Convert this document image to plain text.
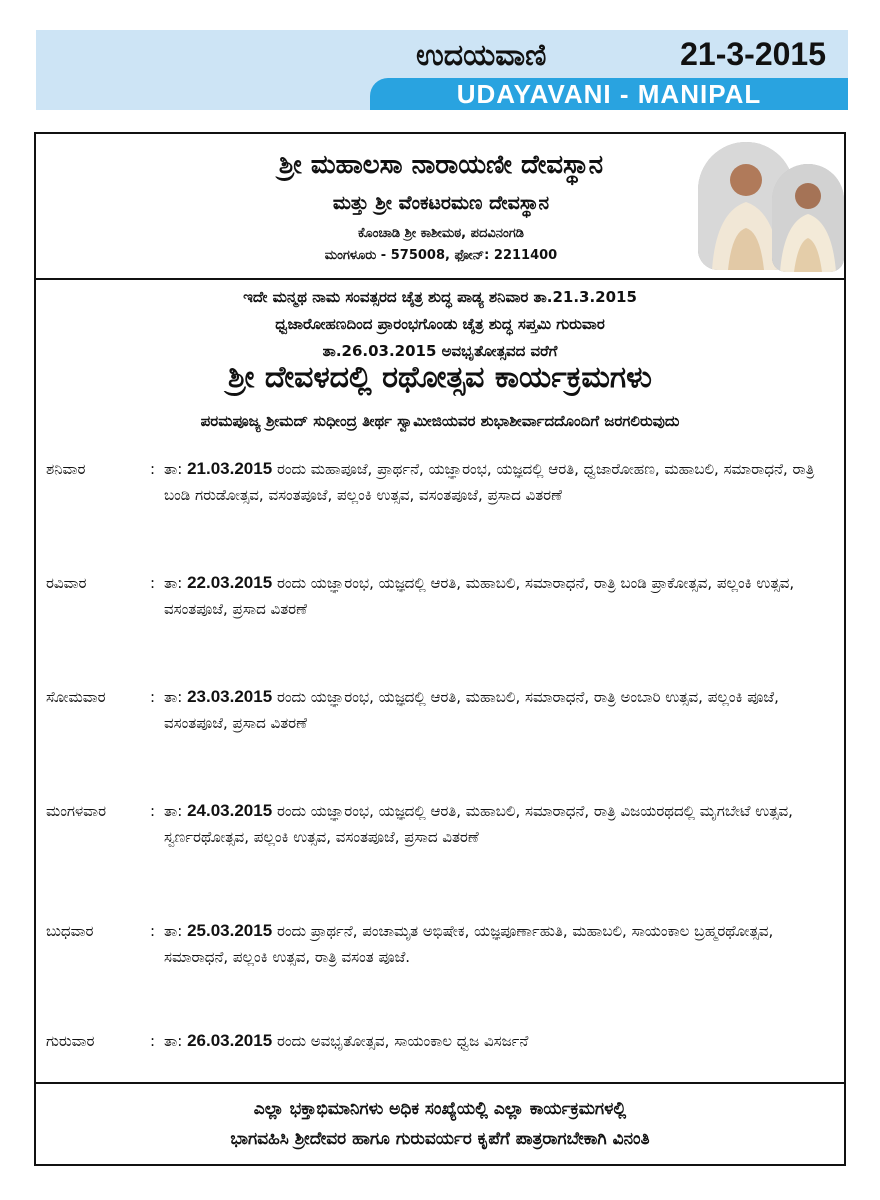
ಉದಯವಾಣಿ	21-3-2015
UDAYAVANI - MANIPAL
ಶ್ರೀ ಮಹಾಲಸಾ ನಾರಾಯಣೀ ದೇವಸ್ಥಾನ
ಮತ್ತು ಶ್ರೀ ವೆಂಕಟರಮಣ ದೇವಸ್ಥಾನ
ಕೊಂಚಾಡಿ ಶ್ರೀ ಕಾಶೀಮಠ, ಪದವಿನಂಗಡಿ
ಮಂಗಳೂರು - 575008, ಫೋನ್: 2211400
ಇದೇ ಮನ್ಮಥ ನಾಮ ಸಂವತ್ಸರದ ಚೈತ್ರ ಶುದ್ಧ ಪಾಡ್ಯ ಶನಿವಾರ ತಾ.21.3.2015
ಧ್ವಜಾರೋಹಣದಿಂದ ಪ್ರಾರಂಭಗೊಂಡು ಚೈತ್ರ ಶುದ್ಧ ಸಪ್ತಮಿ ಗುರುವಾರ
ತಾ.26.03.2015 ಅವಭೃತೋತ್ಸವದ ವರೆಗೆ
ಶ್ರೀ ದೇವಳದಲ್ಲಿ ರಥೋತ್ಸವ ಕಾರ್ಯಕ್ರಮಗಳು
ಪರಮಪೂಜ್ಯ ಶ್ರೀಮದ್ ಸುಧೀಂದ್ರ ತೀರ್ಥ ಸ್ವಾಮೀಜಿಯವರ ಶುಭಾಶೀರ್ವಾದದೊಂದಿಗೆ ಜರಗಲಿರುವುದು
ಶನಿವಾರ	: ತಾ: 21.03.2015 ರಂದು ಮಹಾಪೂಜೆ, ಪ್ರಾರ್ಥನೆ, ಯಜ್ಞಾರಂಭ, ಯಜ್ಞದಲ್ಲಿ ಆರತಿ, ಧ್ವಜಾರೋಹಣ, ಮಹಾಬಲಿ, ಸಮಾರಾಧನೆ, ರಾತ್ರಿ ಬಂಡಿ ಗರುಡೋತ್ಸವ, ವಸಂತಪೂಜೆ, ಪಲ್ಲಂಕಿ ಉತ್ಸವ, ವಸಂತಪೂಜೆ, ಪ್ರಸಾದ ವಿತರಣೆ
ರವಿವಾರ	: ತಾ: 22.03.2015 ರಂದು ಯಜ್ಞಾರಂಭ, ಯಜ್ಞದಲ್ಲಿ ಆರತಿ, ಮಹಾಬಲಿ, ಸಮಾರಾಧನೆ, ರಾತ್ರಿ ಬಂಡಿ ಪ್ರಾಕೋತ್ಸವ, ಪಲ್ಲಂಕಿ ಉತ್ಸವ, ವಸಂತಪೂಜೆ, ಪ್ರಸಾದ ವಿತರಣೆ
ಸೋಮವಾರ	: ತಾ: 23.03.2015 ರಂದು ಯಜ್ಞಾರಂಭ, ಯಜ್ಞದಲ್ಲಿ ಆರತಿ, ಮಹಾಬಲಿ, ಸಮಾರಾಧನೆ, ರಾತ್ರಿ ಅಂಬಾರಿ ಉತ್ಸವ, ಪಲ್ಲಂಕಿ ಪೂಜೆ, ವಸಂತಪೂಜೆ, ಪ್ರಸಾದ ವಿತರಣೆ
ಮಂಗಳವಾರ	: ತಾ: 24.03.2015 ರಂದು ಯಜ್ಞಾರಂಭ, ಯಜ್ಞದಲ್ಲಿ ಆರತಿ, ಮಹಾಬಲಿ, ಸಮಾರಾಧನೆ, ರಾತ್ರಿ ವಿಜಯರಥದಲ್ಲಿ ಮೃಗಬೇಟೆ ಉತ್ಸವ, ಸ್ವರ್ಣರಥೋತ್ಸವ, ಪಲ್ಲಂಕಿ ಉತ್ಸವ, ವಸಂತಪೂಜೆ, ಪ್ರಸಾದ ವಿತರಣೆ
ಬುಧವಾರ	: ತಾ: 25.03.2015 ರಂದು ಪ್ರಾರ್ಥನೆ, ಪಂಚಾಮೃತ ಅಭಿಷೇಕ, ಯಜ್ಞಪೂರ್ಣಾಹುತಿ, ಮಹಾಬಲಿ, ಸಾಯಂಕಾಲ ಬ್ರಹ್ಮರಥೋತ್ಸವ, ಸಮಾರಾಧನೆ, ಪಲ್ಲಂಕಿ ಉತ್ಸವ, ರಾತ್ರಿ ವಸಂತ ಪೂಜೆ.
ಗುರುವಾರ	: ತಾ: 26.03.2015 ರಂದು ಅವಭೃತೋತ್ಸವ, ಸಾಯಂಕಾಲ ಧ್ವಜ ವಿಸರ್ಜನೆ
ಎಲ್ಲಾ ಭಕ್ತಾಭಿಮಾನಿಗಳು ಅಧಿಕ ಸಂಖ್ಯೆಯಲ್ಲಿ ಎಲ್ಲಾ ಕಾರ್ಯಕ್ರಮಗಳಲ್ಲಿ
ಭಾಗವಹಿಸಿ ಶ್ರೀದೇವರ ಹಾಗೂ ಗುರುವರ್ಯರ ಕೃಪೆಗೆ ಪಾತ್ರರಾಗಬೇಕಾಗಿ ವಿನಂತಿ
